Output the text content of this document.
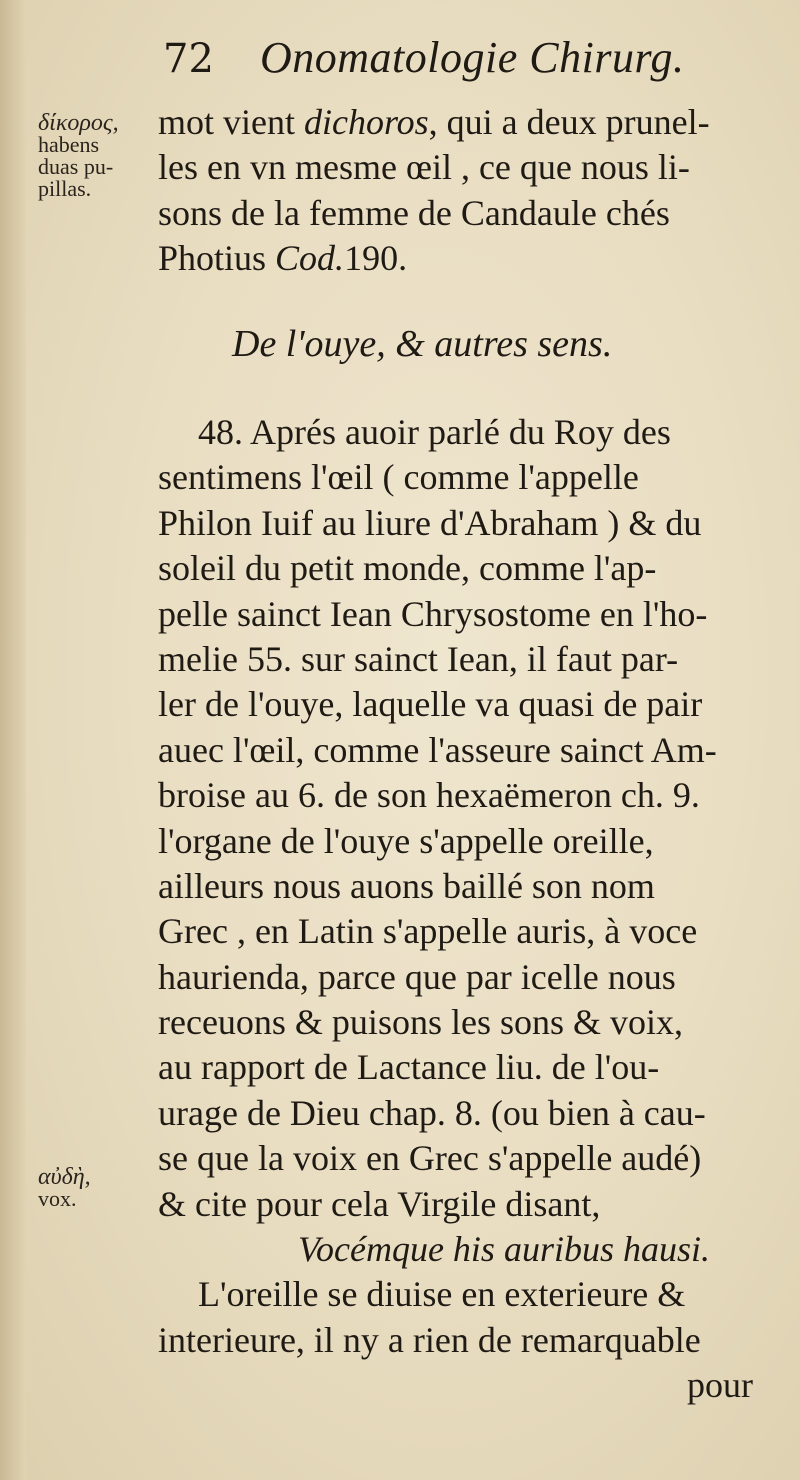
72 Onomatologie Chirurg.
δίκορος,
habens
duas pu-
pillas.
mot vient dichoros, qui a deux prunel-
les en vn mesme œil , ce que nous li-
sons de la femme de Candaule chés
Photius Cod.190.
De l'ouye, & autres sens.
48. Aprés auoir parlé du Roy des
sentimens l'œil ( comme l'appelle
Philon Iuif au liure d'Abraham ) & du
soleil du petit monde, comme l'ap-
pelle sainct Iean Chrysostome en l'ho-
melie 55. sur sainct Iean, il faut par-
ler de l'ouye, laquelle va quasi de pair
auec l'œil, comme l'asseure sainct Am-
broise au 6. de son hexaëmeron ch. 9.
l'organe de l'ouye s'appelle oreille,
ailleurs nous auons baillé son nom
Grec , en Latin s'appelle auris, à voce
haurienda, parce que par icelle nous
receuons & puisons les sons & voix,
au rapport de Lactance liu. de l'ou-
urage de Dieu chap. 8. (ou bien à cau-
se que la voix en Grec s'appelle audé)
& cite pour cela Virgile disant,
Vocémque his auribus hausi.
L'oreille se diuise en exterieure &
interieure, il ny a rien de remarquable
pour
αὐδὴ,
vox.
